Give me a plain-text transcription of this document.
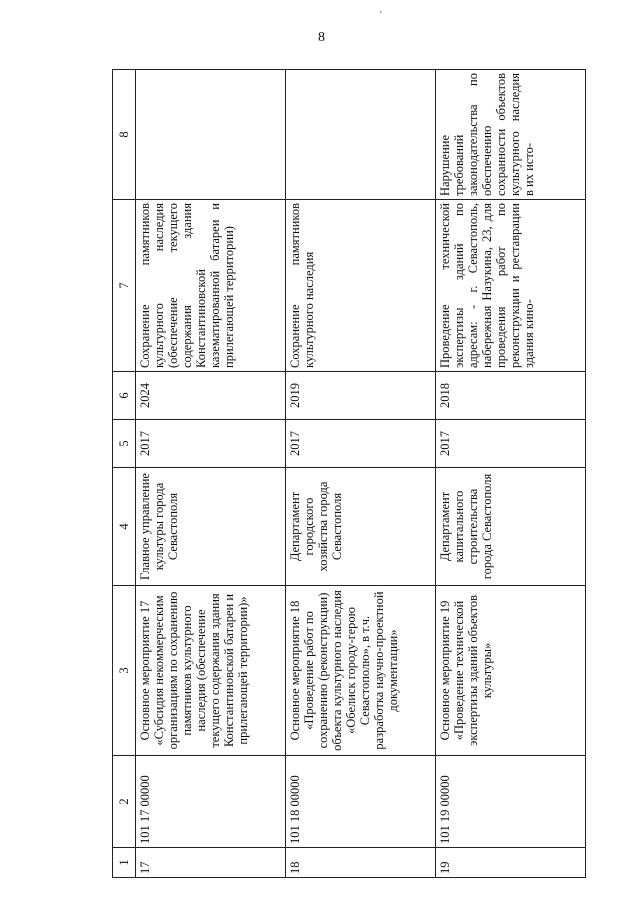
8
'
1	2	3	4	5	6	7	8
17	101 17 00000	Основное мероприятие 17 «Субсидия некоммерческим организациям по сохранению памятников культурного наследия (обеспечение текущего содержания здания Константиновской батареи и прилегающей территории)»	Главное управление культуры города Севастополя	2017	2024	Сохранение памятников культурного наследия (обеспечение текущего содержания здания Константиновской казематированной батареи и прилегающей территории)	
18	101 18 00000	Основное мероприятие 18 «Проведение работ по сохранению (реконструкции) объекта культурного наследия «Обелиск городу-герою Севастополю», в т.ч. разработка научно-проектной документации»	Департамент городского хозяйства города Севастополя	2017	2019	Сохранение памятников культурного наследия	
19	101 19 00000	Основное мероприятие 19 «Проведение технической экспертизы зданий объектов культуры»	Департамент капитального строительства города Севастополя	2017	2018	Проведение технической экспертизы зданий по адресам: - г. Севастополь, набережная Назукина, 23, для проведения работ по реконструкции и реставрации здания кино-	Нарушение требований законодательства по обеспечению сохранности объектов культурного наследия в их исто-
